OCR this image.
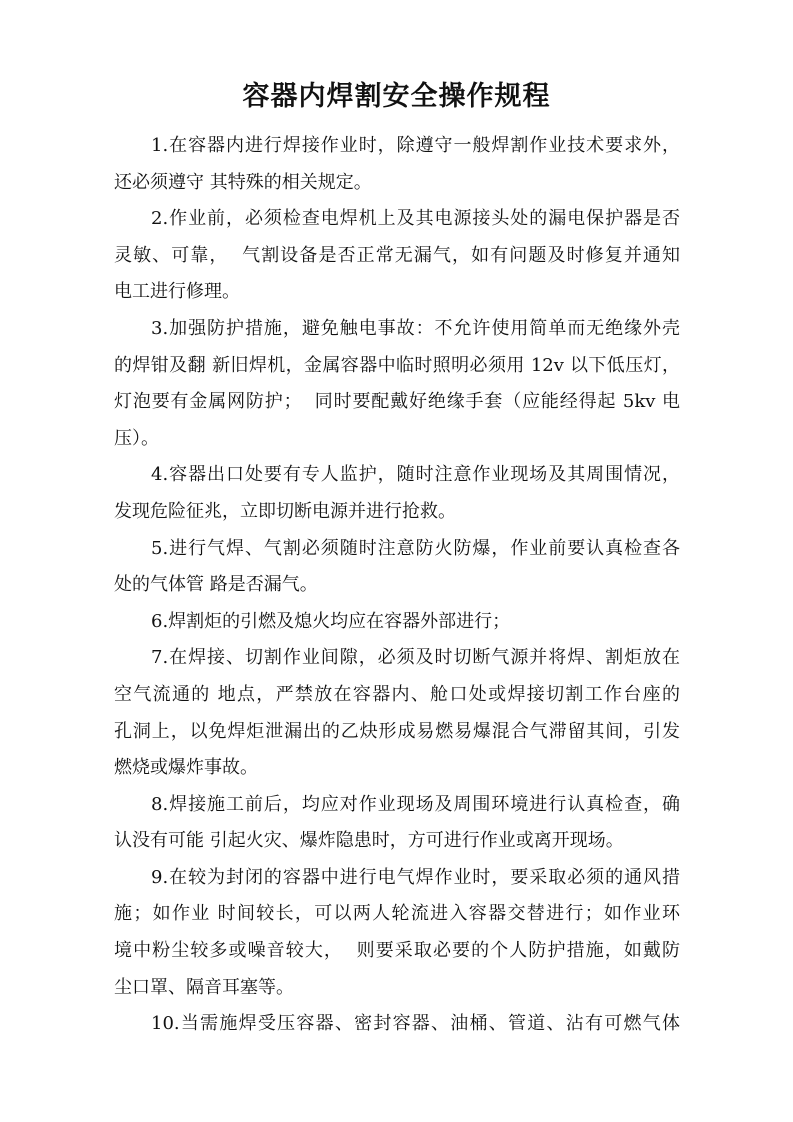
容器内焊割安全操作规程
1.在容器内进行焊接作业时，除遵守一般焊割作业技术要求外，
还必须遵守 其特殊的相关规定。
2.作业前，必须检查电焊机上及其电源接头处的漏电保护器是否
灵敏、可靠，  气割设备是否正常无漏气，如有问题及时修复并通知
电工进行修理。
3.加强防护措施，避免触电事故：不允许使用简单而无绝缘外壳
的焊钳及翻 新旧焊机，金属容器中临时照明必须用 12v 以下低压灯，
灯泡要有金属网防护；  同时要配戴好绝缘手套（应能经得起 5kv 电
压）。
4.容器出口处要有专人监护，随时注意作业现场及其周围情况，
发现危险征兆，立即切断电源并进行抢救。
5.进行气焊、气割必须随时注意防火防爆，作业前要认真检查各
处的气体管 路是否漏气。
6.焊割炬的引燃及熄火均应在容器外部进行；
7.在焊接、切割作业间隙，必须及时切断气源并将焊、割炬放在
空气流通的 地点，严禁放在容器内、舱口处或焊接切割工作台座的
孔洞上，以免焊炬泄漏出的乙炔形成易燃易爆混合气滞留其间，引发
燃烧或爆炸事故。
8.焊接施工前后，均应对作业现场及周围环境进行认真检查，确
认没有可能 引起火灾、爆炸隐患时，方可进行作业或离开现场。
9.在较为封闭的容器中进行电气焊作业时，要采取必须的通风措
施；如作业 时间较长，可以两人轮流进入容器交替进行；如作业环
境中粉尘较多或噪音较大，  则要采取必要的个人防护措施，如戴防
尘口罩、隔音耳塞等。
10.当需施焊受压容器、密封容器、油桶、管道、沾有可燃气体
